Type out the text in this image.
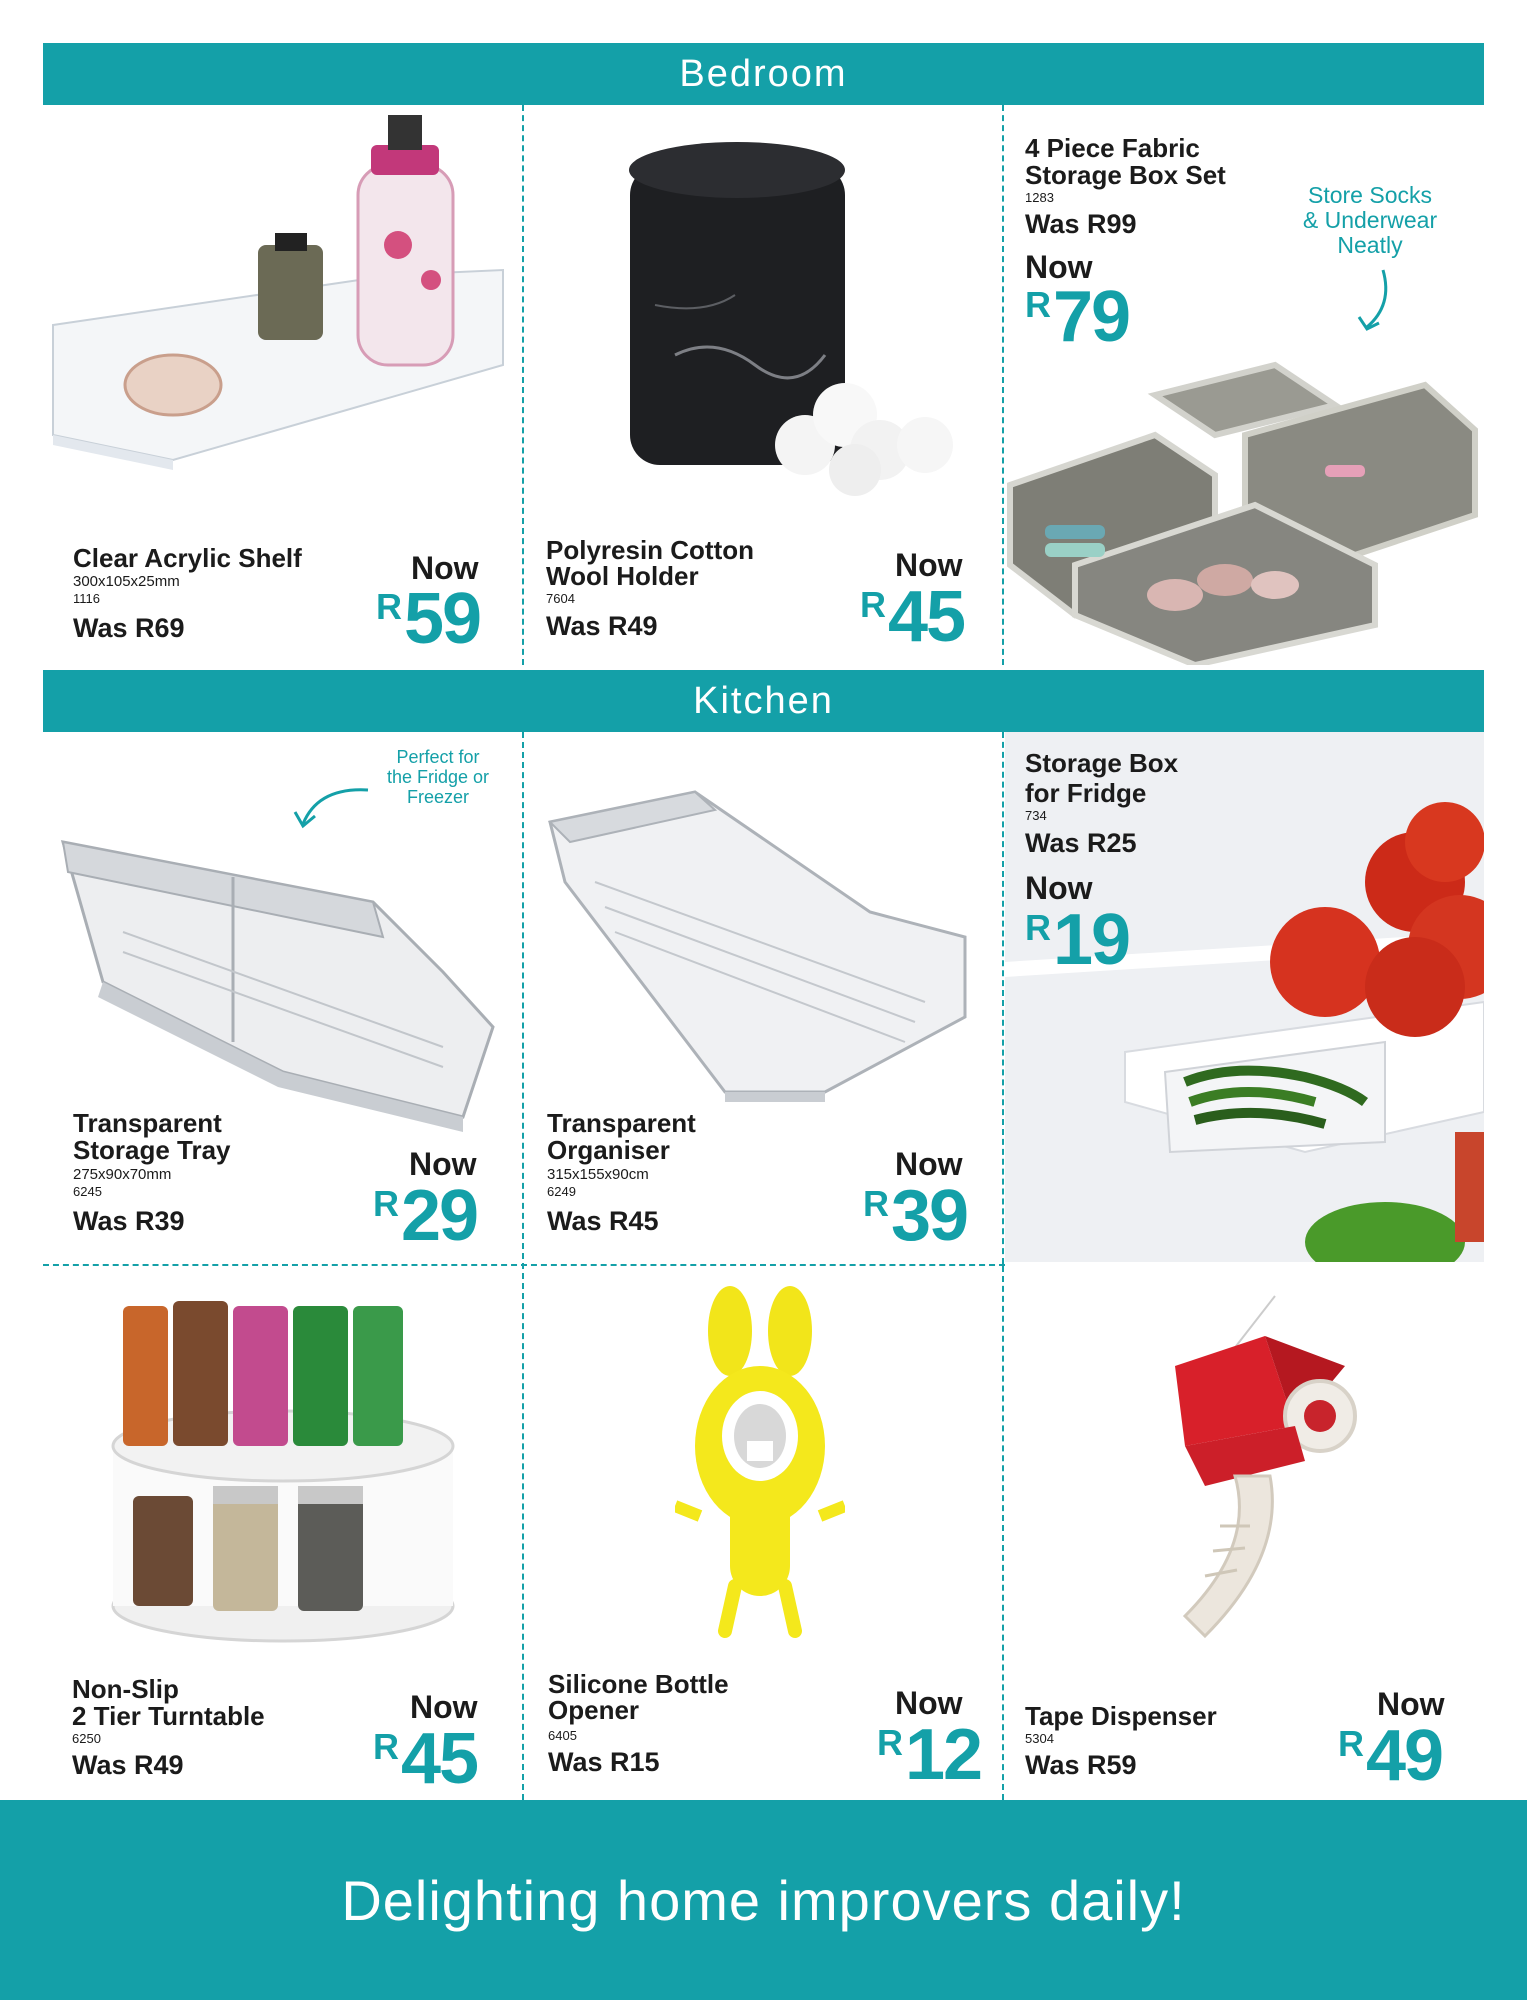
Bedroom
Kitchen
Clear Acrylic Shelf
300x105x25mm
1116
Was R69
Now
R 59
Polyresin Cotton
Wool Holder
7604
Was R49
Now
R 45
4 Piece Fabric
Storage Box Set
1283
Was R99
Now
R 79
Store Socks
& Underwear
Neatly
Perfect for
the Fridge or
Freezer
Transparent
Storage Tray
275x90x70mm
6245
Was R39
Now
R 29
Transparent
Organiser
315x155x90cm
6249
Was R45
Now
R 39
Storage Box
for Fridge
734
Was R25
Now
R 19
Non-Slip
2 Tier Turntable
6250
Was R49
Now
R 45
Silicone Bottle
Opener
6405
Was R15
Now
R 12 Tape Dispenser
5304
Was R59
Now
R 49
Delighting home improvers daily!
